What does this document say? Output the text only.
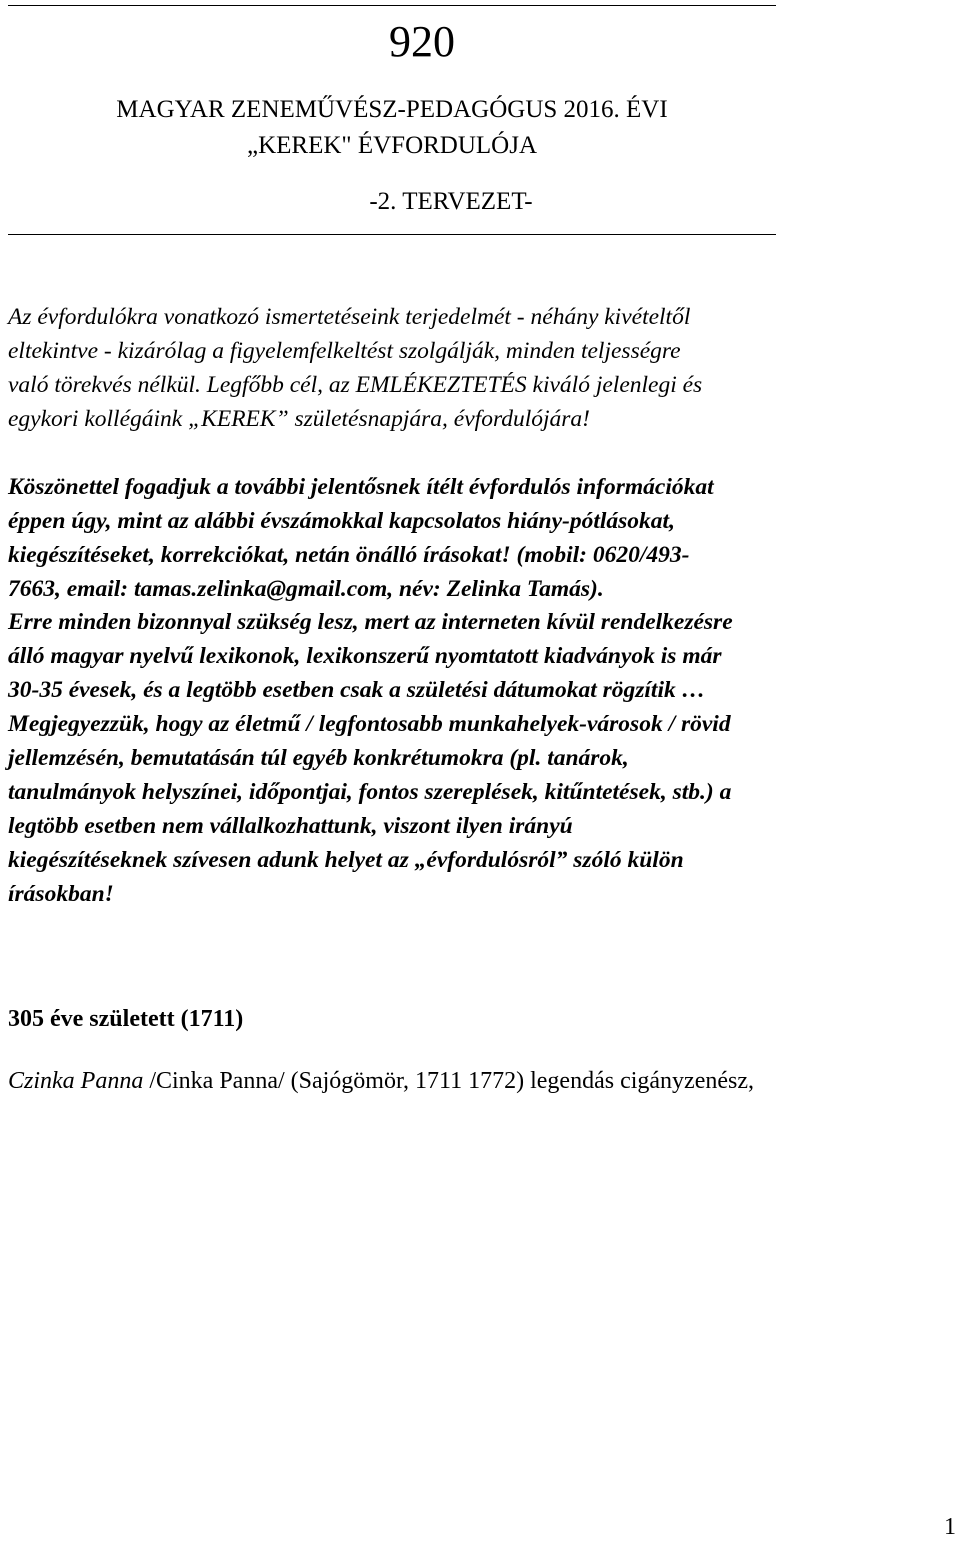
920
MAGYAR ZENEMŰVÉSZ-PEDAGÓGUS 2016. ÉVI
„KEREK" ÉVFORDULÓJA
-2. TERVEZET-
Az évfordulókra vonatkozó ismertetéseink terjedelmét - néhány kivételtől
eltekintve - kizárólag a figyelemfelkeltést szolgálják, minden teljességre
való törekvés nélkül. Legfőbb cél, az EMLÉKEZTETÉS kiváló jelenlegi és
egykori kollégáink „KEREK” születésnapjára, évfordulójára!
Köszönettel fogadjuk a további jelentősnek ítélt évfordulós információkat
éppen úgy, mint az alábbi évszámokkal kapcsolatos hiány-pótlásokat,
kiegészítéseket, korrekciókat, netán önálló írásokat! (mobil: 0620/493-
7663, email: tamas.zelinka@gmail.com, név: Zelinka Tamás).
Erre minden bizonnyal szükség lesz, mert az interneten kívül rendelkezésre
álló magyar nyelvű lexikonok, lexikonszerű nyomtatott kiadványok is már
30-35 évesek, és a legtöbb esetben csak a születési dátumokat rögzítik …
Megjegyezzük, hogy az életmű / legfontosabb munkahelyek-városok / rövid
jellemzésén, bemutatásán túl egyéb konkrétumokra (pl. tanárok,
tanulmányok helyszínei, időpontjai, fontos szereplések, kitűntetések, stb.) a
legtöbb esetben nem vállalkozhattunk, viszont ilyen irányú
kiegészítéseknek szívesen adunk helyet az „évfordulósról” szóló külön
írásokban!
305 éve született (1711)
Czinka Panna /Cinka Panna/ (Sajógömör, 1711 1772) legendás cigányzenész,
1
